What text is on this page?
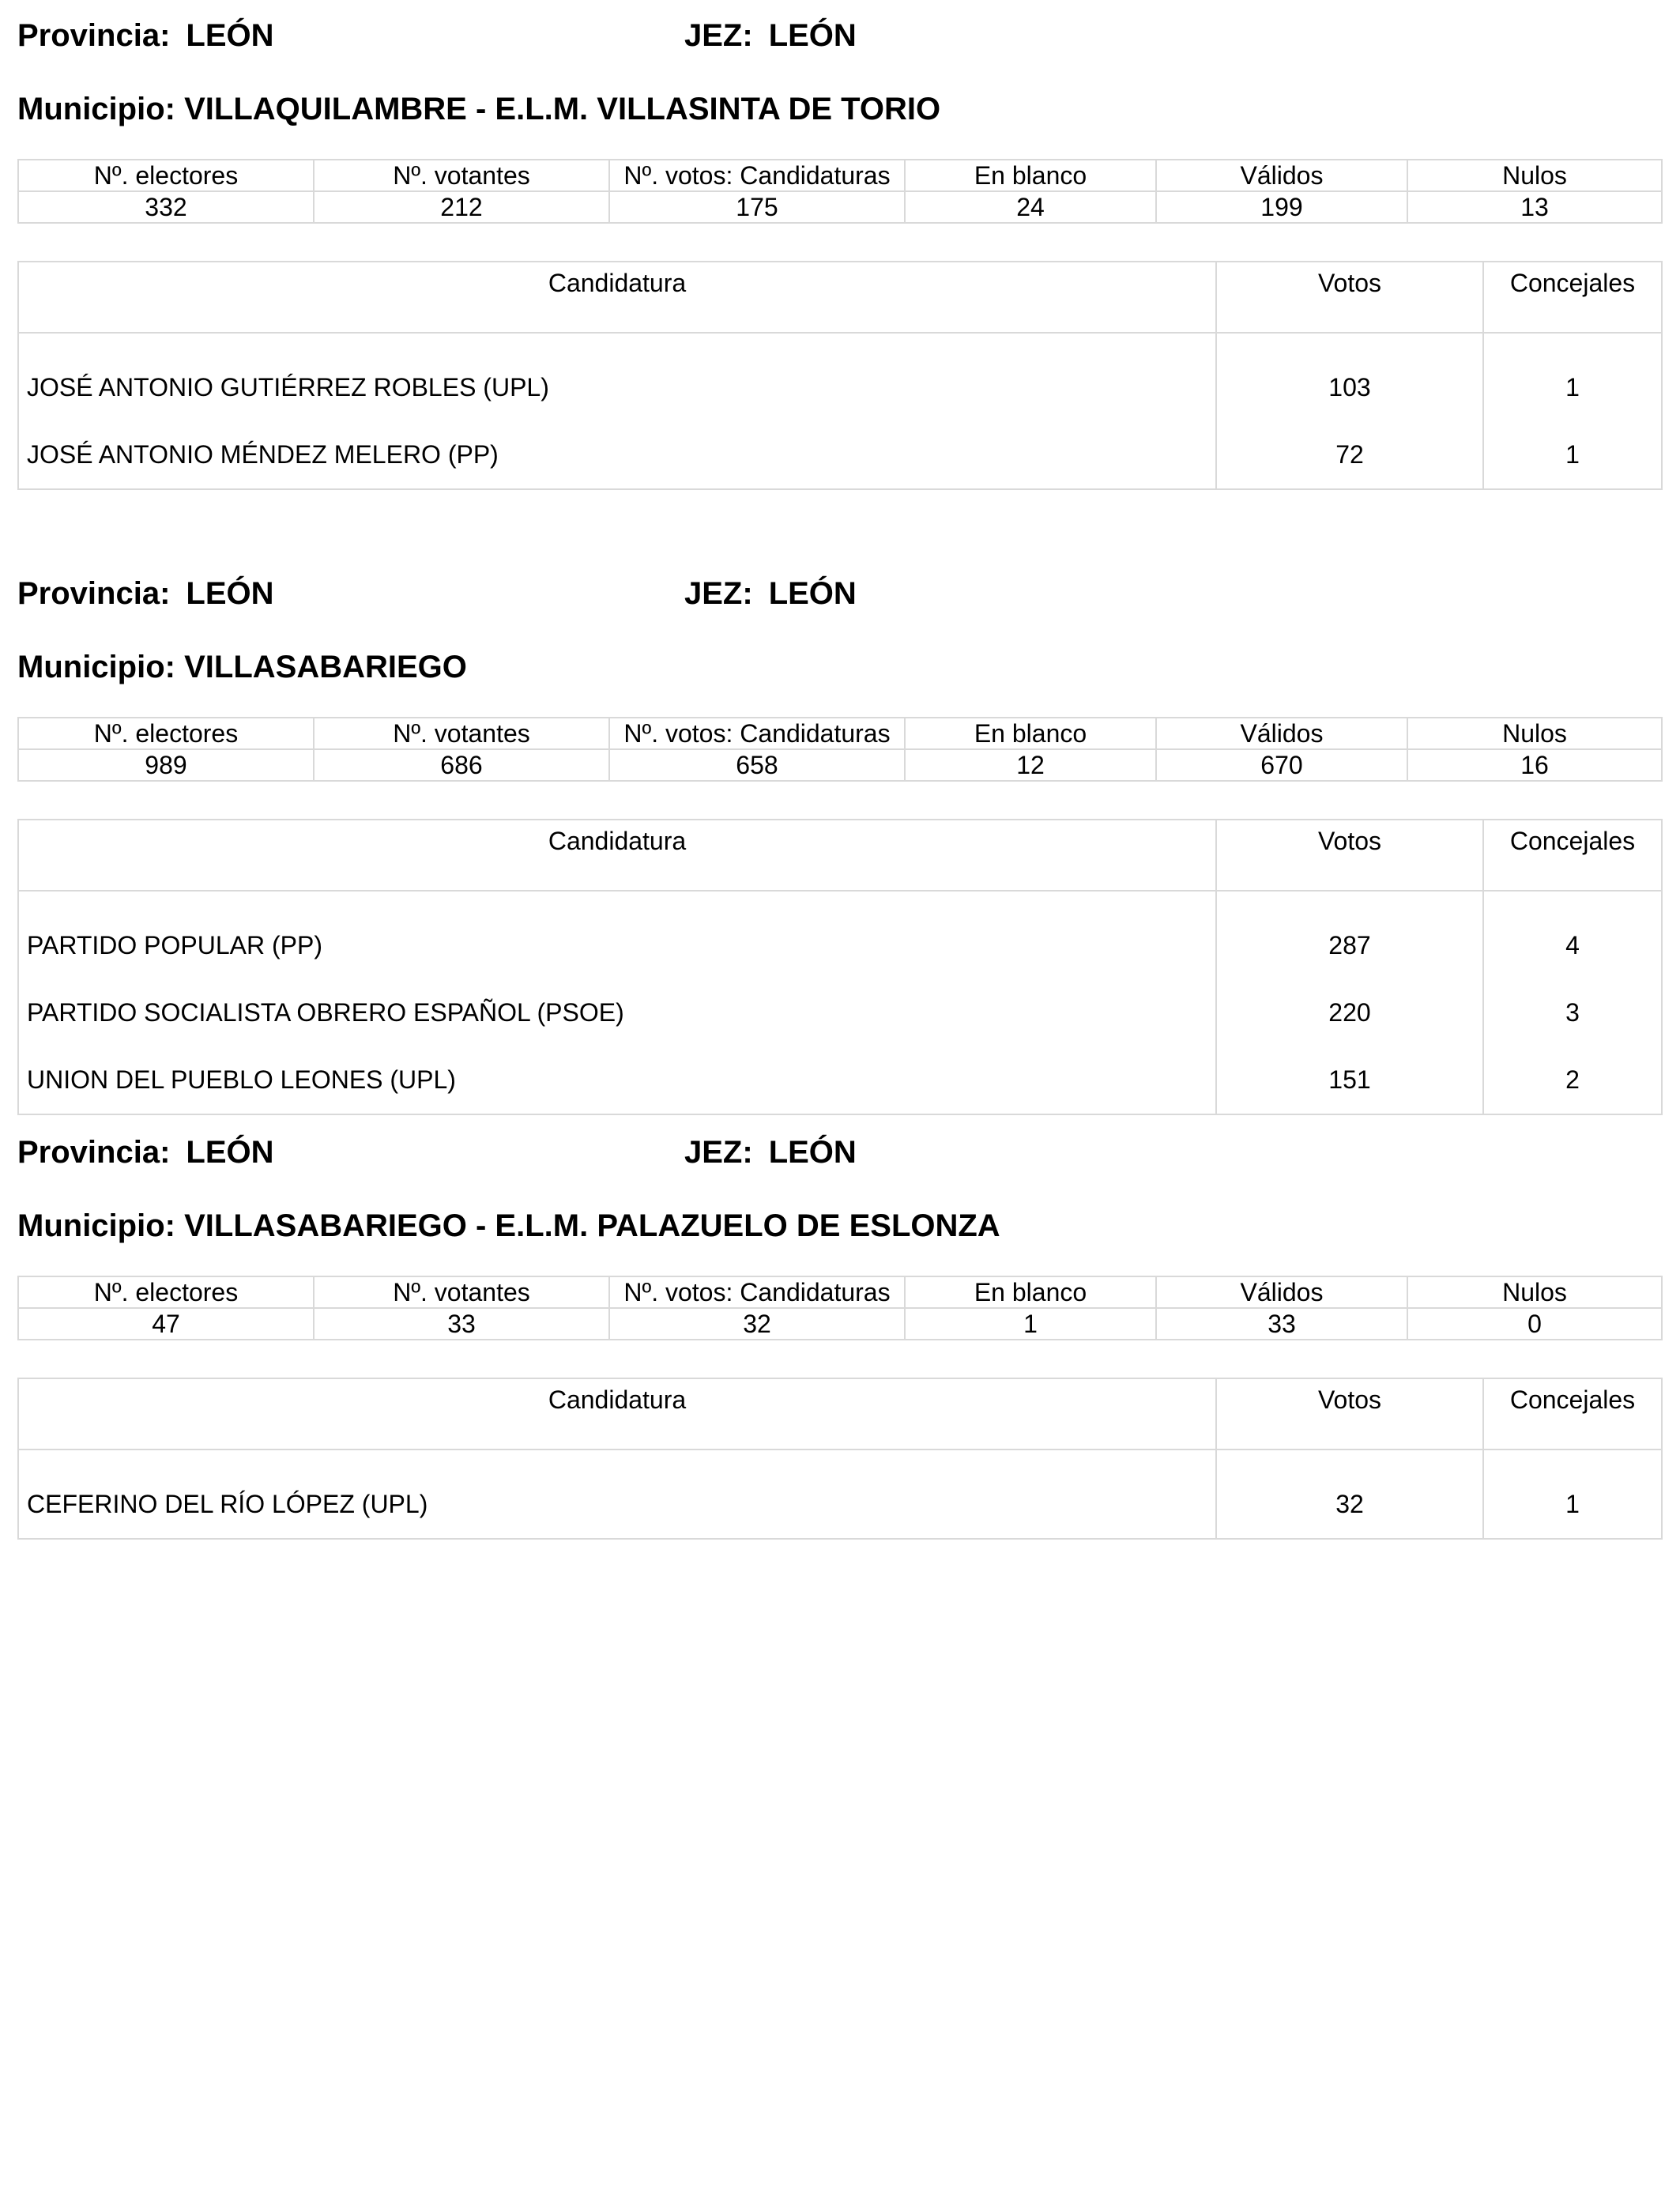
Provincia: LEÓN	JEZ: LEÓN
Municipio: VILLAQUILAMBRE - E.L.M. VILLASINTA DE TORIO
Nº. electores	Nº. votantes	Nº. votos: Candidaturas	En blanco	Válidos	Nulos
332	212	175	24	199	13
Candidatura	Votos	Concejales
JOSÉ ANTONIO GUTIÉRREZ ROBLES (UPL)	103	1
JOSÉ ANTONIO MÉNDEZ MELERO (PP)	72	1
Provincia: LEÓN	JEZ: LEÓN
Municipio: VILLASABARIEGO
Nº. electores	Nº. votantes	Nº. votos: Candidaturas	En blanco	Válidos	Nulos
989	686	658	12	670	16
Candidatura	Votos	Concejales
PARTIDO POPULAR (PP)	287	4
PARTIDO SOCIALISTA OBRERO ESPAÑOL (PSOE)	220	3
UNION DEL PUEBLO LEONES (UPL)	151	2
Provincia: LEÓN	JEZ: LEÓN
Municipio: VILLASABARIEGO - E.L.M. PALAZUELO DE ESLONZA
Nº. electores	Nº. votantes	Nº. votos: Candidaturas	En blanco	Válidos	Nulos
47	33	32	1	33	0
Candidatura	Votos	Concejales
CEFERINO DEL RÍO LÓPEZ (UPL)	32	1
